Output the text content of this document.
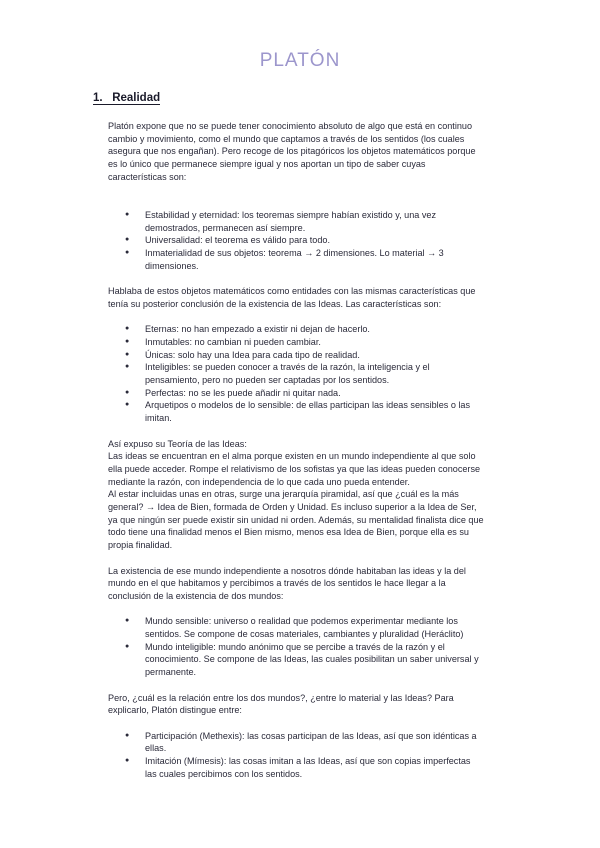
PLATÓN
1. Realidad

Platón expone que no se puede tener conocimiento absoluto de algo que está en continuo
cambio y movimiento, como el mundo que captamos a través de los sentidos (los cuales
asegura que nos engañan). Pero recoge de los pitagóricos los objetos matemáticos porque
es lo único que permanece siempre igual y nos aportan un tipo de saber cuyas
características son:

● Estabilidad y eternidad: los teoremas siempre habían existido y, una vez
demostrados, permanecen así siempre.
● Universalidad: el teorema es válido para todo.
● Inmaterialidad de sus objetos: teorema → 2 dimensiones. Lo material → 3
dimensiones.

Hablaba de estos objetos matemáticos como entidades con las mismas características que
tenía su posterior conclusión de la existencia de las Ideas. Las características son:

● Eternas: no han empezado a existir ni dejan de hacerlo.
● Inmutables: no cambian ni pueden cambiar.
● Únicas: solo hay una Idea para cada tipo de realidad.
● Inteligibles: se pueden conocer a través de la razón, la inteligencia y el
pensamiento, pero no pueden ser captadas por los sentidos.
● Perfectas: no se les puede añadir ni quitar nada.
● Arquetipos o modelos de lo sensible: de ellas participan las ideas sensibles o las
imitan.

Así expuso su Teoría de las Ideas:
Las ideas se encuentran en el alma porque existen en un mundo independiente al que solo
ella puede acceder. Rompe el relativismo de los sofistas ya que las ideas pueden conocerse
mediante la razón, con independencia de lo que cada uno pueda entender.
Al estar incluidas unas en otras, surge una jerarquía piramidal, así que ¿cuál es la más
general? → Idea de Bien, formada de Orden y Unidad. Es incluso superior a la Idea de Ser,
ya que ningún ser puede existir sin unidad ni orden. Además, su mentalidad finalista dice que
todo tiene una finalidad menos el Bien mismo, menos esa Idea de Bien, porque ella es su
propia finalidad.

La existencia de ese mundo independiente a nosotros dónde habitaban las ideas y la del
mundo en el que habitamos y percibimos a través de los sentidos le hace llegar a la
conclusión de la existencia de dos mundos:

● Mundo sensible: universo o realidad que podemos experimentar mediante los
sentidos. Se compone de cosas materiales, cambiantes y pluralidad (Heráclito)
● Mundo inteligible: mundo anónimo que se percibe a través de la razón y el
conocimiento. Se compone de las Ideas, las cuales posibilitan un saber universal y
permanente.

Pero, ¿cuál es la relación entre los dos mundos?, ¿entre lo material y las Ideas? Para
explicarlo, Platón distingue entre:

● Participación (Methexis): las cosas participan de las Ideas, así que son idénticas a
ellas.
● Imitación (Mímesis): las cosas imitan a las Ideas, así que son copias imperfectas
las cuales percibimos con los sentidos.
